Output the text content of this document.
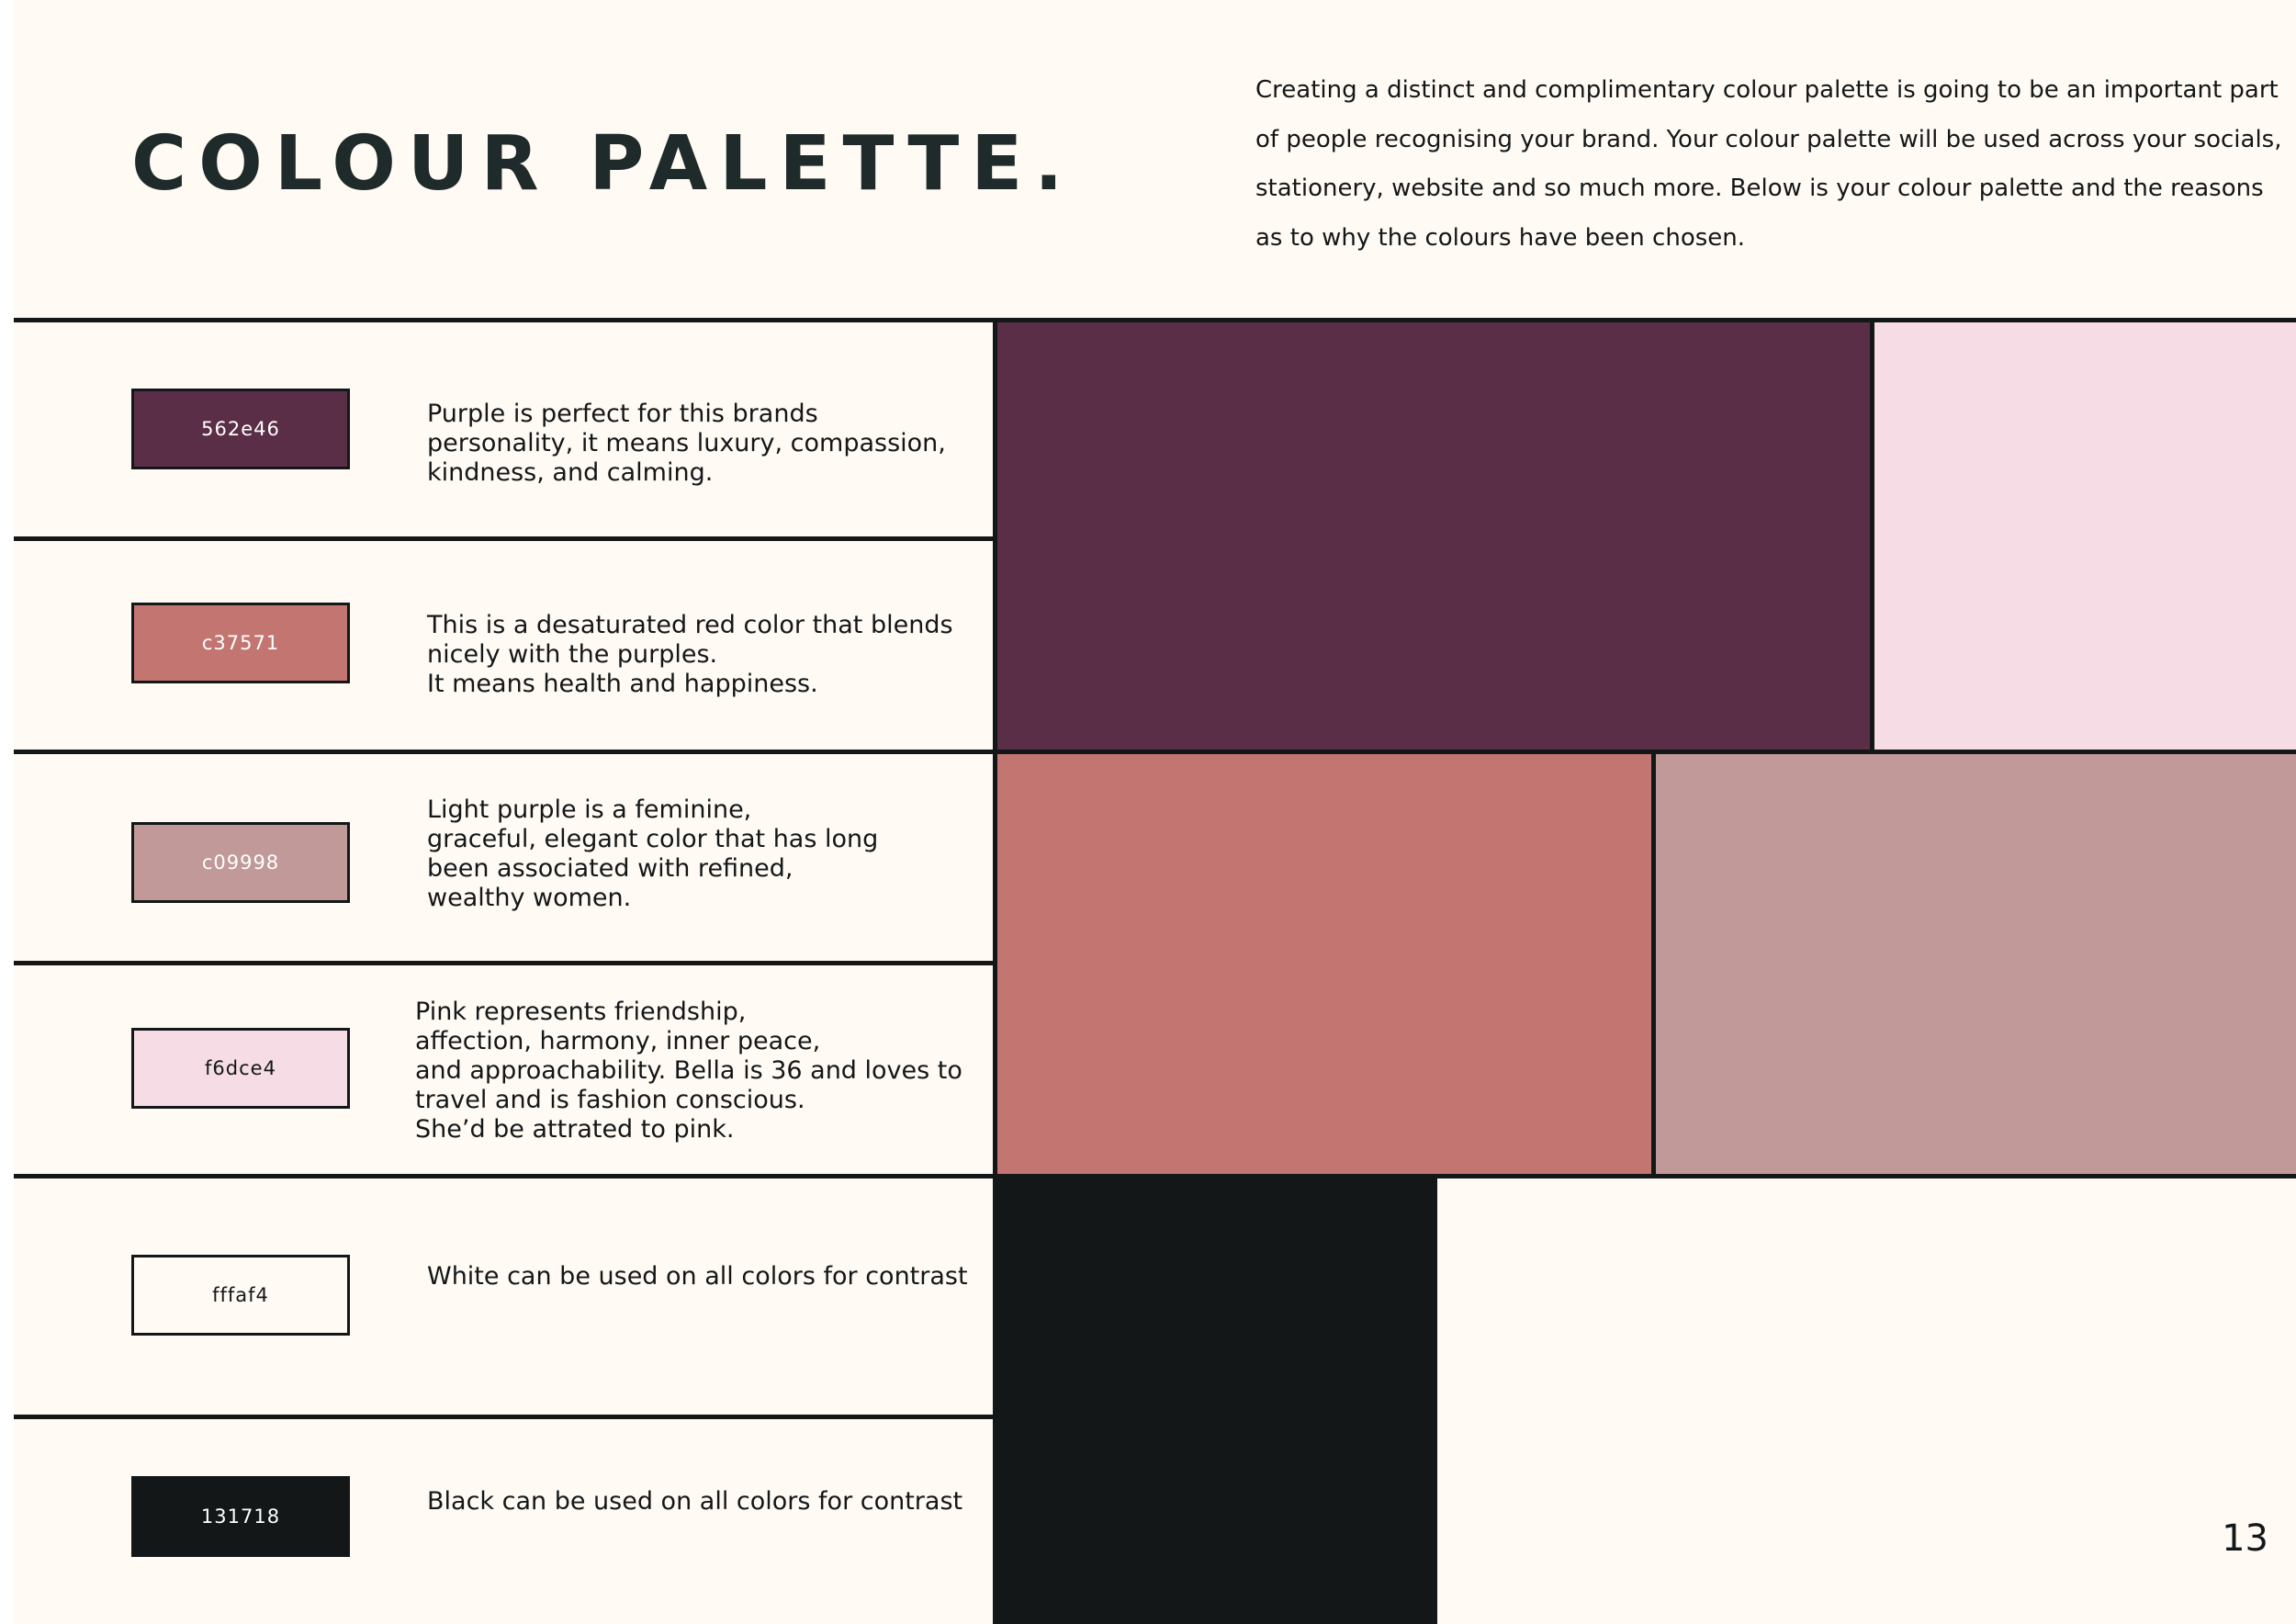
COLOUR PALETTE.
Creating a distinct and complimentary colour palette is going to be an important part of people recognising your brand. Your colour palette will be used across your socials, stationery, website and so much more. Below is your colour palette and the reasons as to why the colours have been chosen.
562e46
Purple is perfect for this brands
personality, it means luxury, compassion,
kindness, and calming.
c37571
This is a desaturated red color that blends
nicely with the purples.
It means health and happiness.
c09998
Light purple is a feminine,
graceful, elegant color that has long
been associated with refined,
wealthy women.
f6dce4
Pink represents friendship,
affection, harmony, inner peace,
and approachability. Bella is 36 and loves to
travel and is fashion conscious.
She’d be attrated to pink.
fffaf4
White can be used on all colors for contrast
131718
Black can be used on all colors for contrast
13
